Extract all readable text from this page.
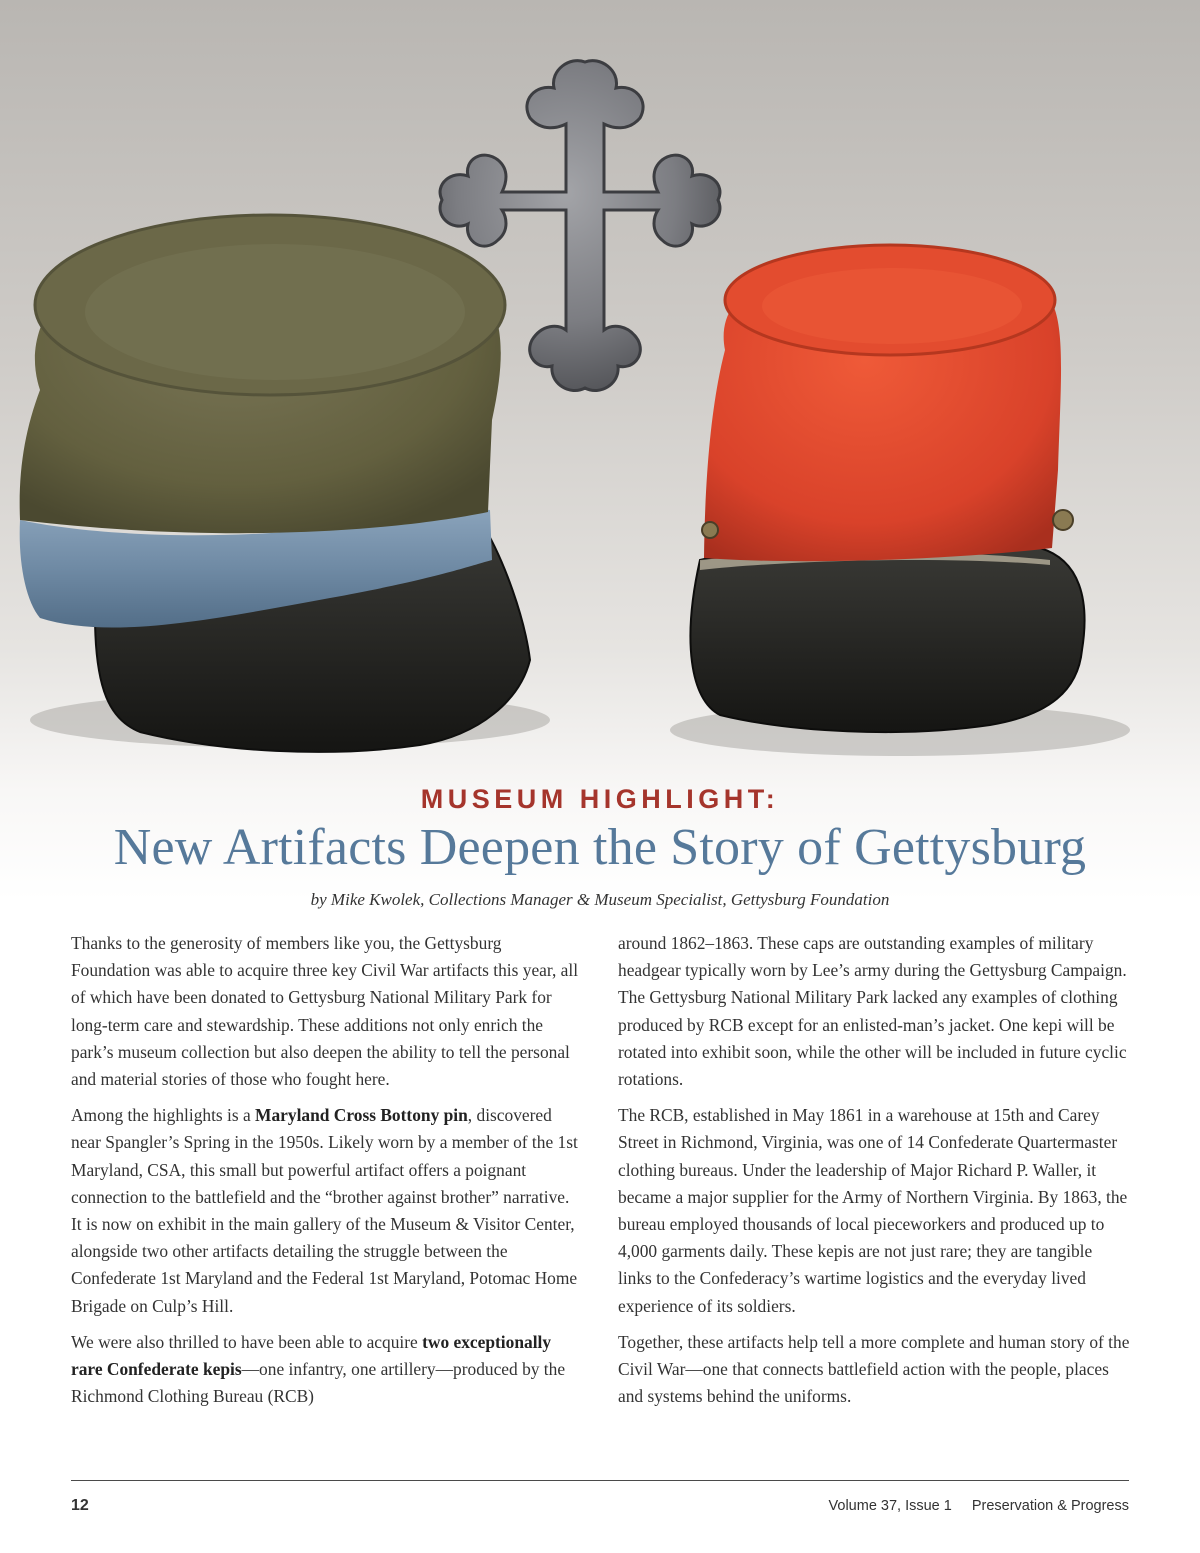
MUSEUM HIGHLIGHT:
New Artifacts Deepen the Story of Gettysburg
by Mike Kwolek, Collections Manager & Museum Specialist, Gettysburg Foundation

Thanks to the generosity of members like you, the Gettysburg Foundation was able to acquire three key Civil War artifacts this year, all of which have been donated to Gettysburg National Military Park for long-term care and stewardship. These additions not only enrich the park’s museum collection but also deepen the ability to tell the personal and material stories of those who fought here.

Among the highlights is a Maryland Cross Bottony pin, discovered near Spangler’s Spring in the 1950s. Likely worn by a member of the 1st Maryland, CSA, this small but powerful artifact offers a poignant connection to the battlefield and the “brother against brother” narrative. It is now on exhibit in the main gallery of the Museum & Visitor Center, alongside two other artifacts detailing the struggle between the Confederate 1st Maryland and the Federal 1st Maryland, Potomac Home Brigade on Culp’s Hill.

We were also thrilled to have been able to acquire two exceptionally rare Confederate kepis—one infantry, one artillery—produced by the Richmond Clothing Bureau (RCB)

around 1862–1863. These caps are outstanding examples of military headgear typically worn by Lee’s army during the Gettysburg Campaign. The Gettysburg National Military Park lacked any examples of clothing produced by RCB except for an enlisted-man’s jacket. One kepi will be rotated into exhibit soon, while the other will be included in future cyclic rotations.

The RCB, established in May 1861 in a warehouse at 15th and Carey Street in Richmond, Virginia, was one of 14 Confederate Quartermaster clothing bureaus. Under the leadership of Major Richard P. Waller, it became a major supplier for the Army of Northern Virginia. By 1863, the bureau employed thousands of local pieceworkers and produced up to 4,000 garments daily. These kepis are not just rare; they are tangible links to the Confederacy’s wartime logistics and the everyday lived experience of its soldiers.

Together, these artifacts help tell a more complete and human story of the Civil War—one that connects battlefield action with the people, places and systems behind the uniforms.

12	Volume 37, Issue 1 Preservation & Progress
